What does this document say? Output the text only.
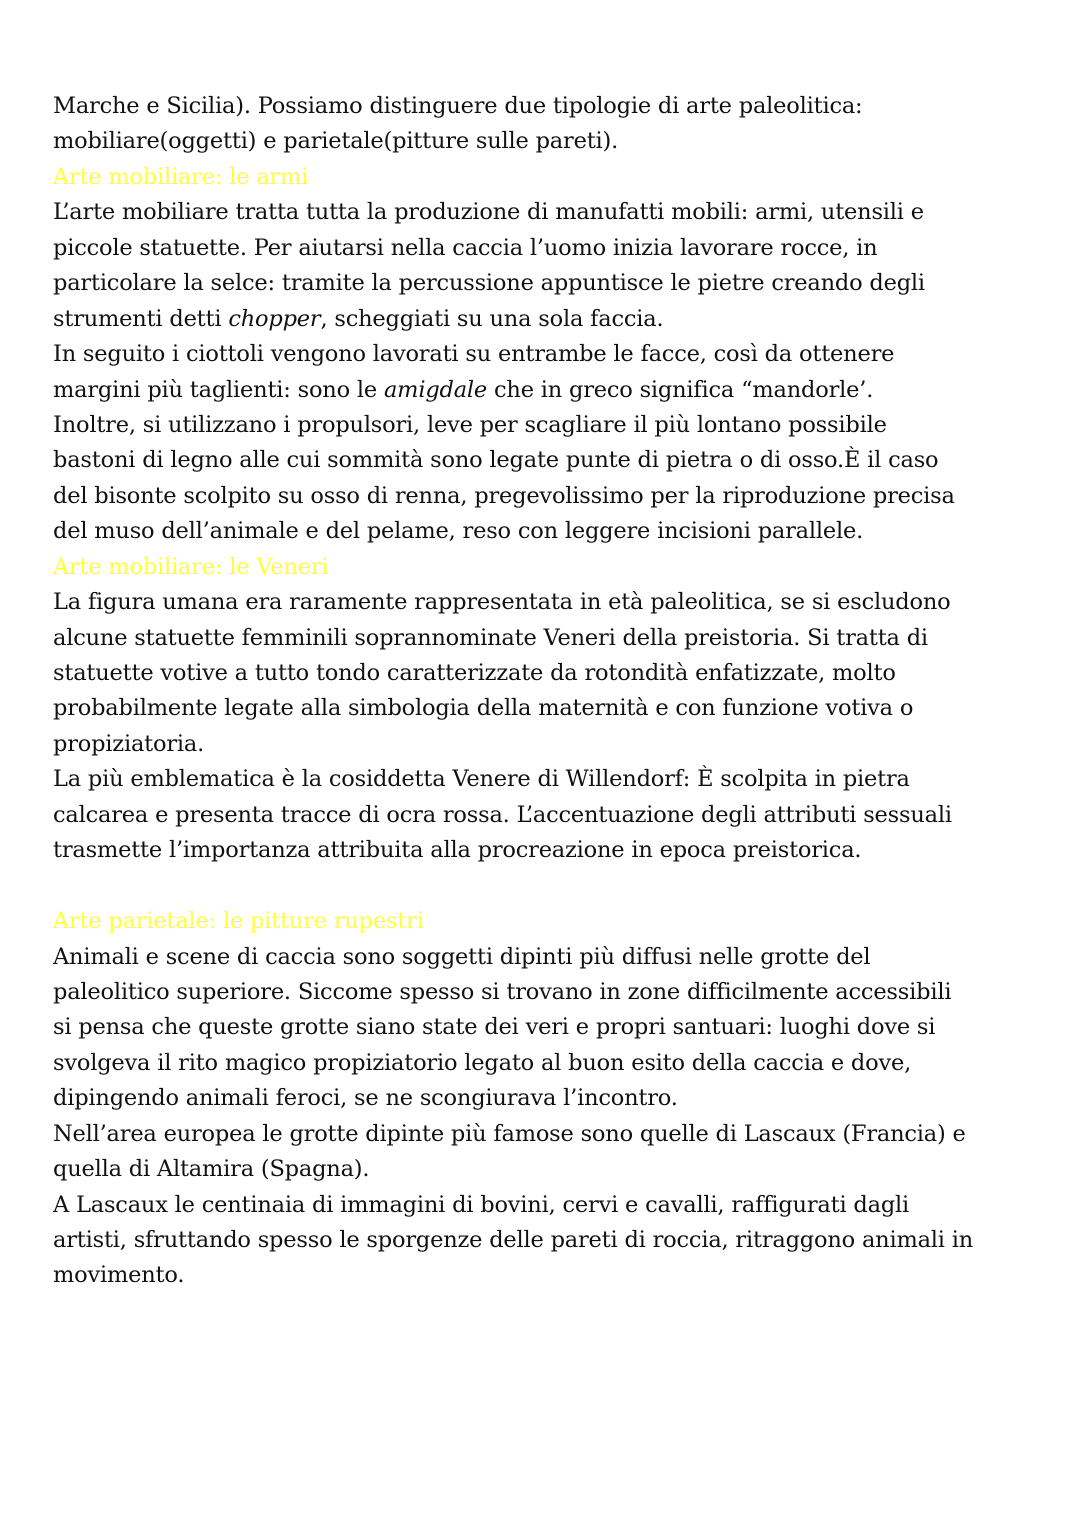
Marche e Sicilia). Possiamo distinguere due tipologie di arte paleolitica:
mobiliare(oggetti) e parietale(pitture sulle pareti).
Arte mobiliare: le armi
L’arte mobiliare tratta tutta la produzione di manufatti mobili: armi, utensili e
piccole statuette. Per aiutarsi nella caccia l’uomo inizia lavorare rocce, in
particolare la selce: tramite la percussione appuntisce le pietre creando degli
strumenti detti chopper, scheggiati su una sola faccia.
In seguito i ciottoli vengono lavorati su entrambe le facce, così da ottenere
margini più taglienti: sono le amigdale che in greco significa “mandorle’.
Inoltre, si utilizzano i propulsori, leve per scagliare il più lontano possibile
bastoni di legno alle cui sommità sono legate punte di pietra o di osso.È il caso
del bisonte scolpito su osso di renna, pregevolissimo per la riproduzione precisa
del muso dell’animale e del pelame, reso con leggere incisioni parallele.
Arte mobiliare: le Veneri
La figura umana era raramente rappresentata in età paleolitica, se si escludono
alcune statuette femminili soprannominate Veneri della preistoria. Si tratta di
statuette votive a tutto tondo caratterizzate da rotondità enfatizzate, molto
probabilmente legate alla simbologia della maternità e con funzione votiva o
propiziatoria.
La più emblematica è la cosiddetta Venere di Willendorf: È scolpita in pietra
calcarea e presenta tracce di ocra rossa. L’accentuazione degli attributi sessuali
trasmette l’importanza attribuita alla procreazione in epoca preistorica.
Arte parietale: le pitture rupestri
Animali e scene di caccia sono soggetti dipinti più diffusi nelle grotte del
paleolitico superiore. Siccome spesso si trovano in zone difficilmente accessibili
si pensa che queste grotte siano state dei veri e propri santuari: luoghi dove si
svolgeva il rito magico propiziatorio legato al buon esito della caccia e dove,
dipingendo animali feroci, se ne scongiurava l’incontro.
Nell’area europea le grotte dipinte più famose sono quelle di Lascaux (Francia) e
quella di Altamira (Spagna).
A Lascaux le centinaia di immagini di bovini, cervi e cavalli, raffigurati dagli
artisti, sfruttando spesso le sporgenze delle pareti di roccia, ritraggono animali in
movimento.
